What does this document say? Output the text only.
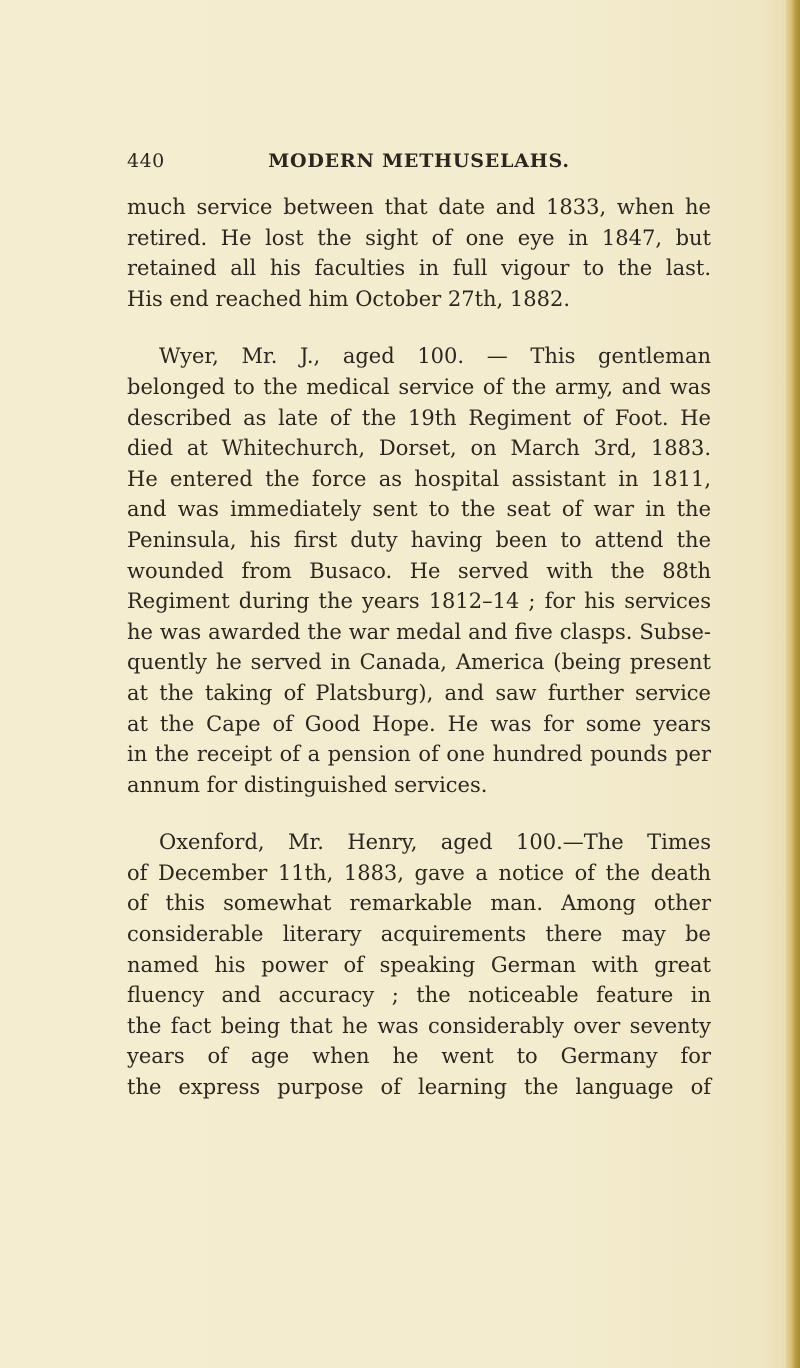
440	MODERN METHUSELAHS.

much service between that date and 1833, when he
retired. He lost the sight of one eye in 1847, but
retained all his faculties in full vigour to the last.
His end reached him October 27th, 1882.

Wyer, Mr. J., aged 100. — This gentleman
belonged to the medical service of the army, and was
described as late of the 19th Regiment of Foot. He
died at Whitechurch, Dorset, on March 3rd, 1883.
He entered the force as hospital assistant in 1811,
and was immediately sent to the seat of war in the
Peninsula, his first duty having been to attend the
wounded from Busaco. He served with the 88th
Regiment during the years 1812–14 ; for his services
he was awarded the war medal and five clasps. Subse-
quently he served in Canada, America (being present
at the taking of Platsburg), and saw further service
at the Cape of Good Hope. He was for some years
in the receipt of a pension of one hundred pounds per
annum for distinguished services.

Oxenford, Mr. Henry, aged 100.—The Times
of December 11th, 1883, gave a notice of the death
of this somewhat remarkable man. Among other
considerable literary acquirements there may be
named his power of speaking German with great
fluency and accuracy ; the noticeable feature in
the fact being that he was considerably over seventy
years of age when he went to Germany for
the express purpose of learning the language of
